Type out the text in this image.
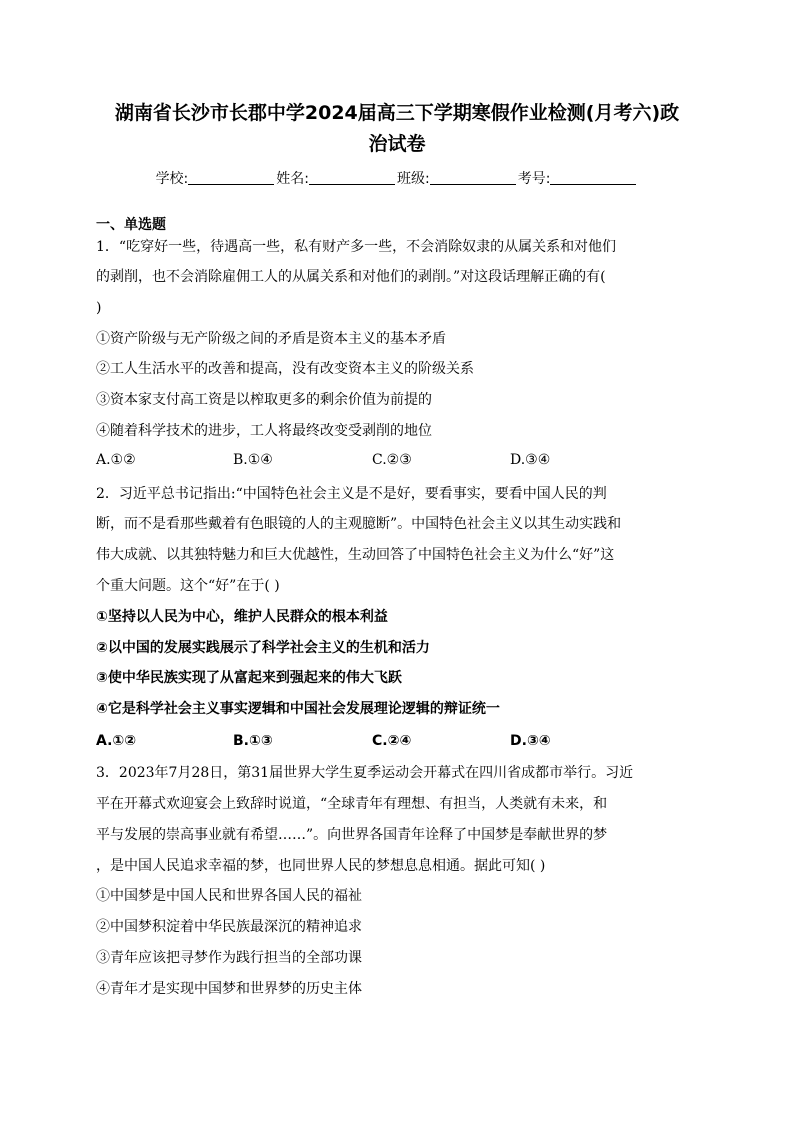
湖南省长沙市长郡中学2024届高三下学期寒假作业检测(月考六)政
治试卷
学校:	姓名:	班级:	考号:
一、单选题
1．“吃穿好一些，待遇高一些，私有财产多一些，不会消除奴隶的从属关系和对他们
的剥削，也不会消除雇佣工人的从属关系和对他们的剥削。”对这段话理解正确的有(
)
①资产阶级与无产阶级之间的矛盾是资本主义的基本矛盾
②工人生活水平的改善和提高，没有改变资本主义的阶级关系
③资本家支付高工资是以榨取更多的剩余价值为前提的
④随着科学技术的进步，工人将最终改变受剥削的地位
A.①②	B.①④	C.②③	D.③④
2．习近平总书记指出:“中国特色社会主义是不是好，要看事实，要看中国人民的判
断，而不是看那些戴着有色眼镜的人的主观臆断”。中国特色社会主义以其生动实践和
伟大成就、以其独特魅力和巨大优越性，生动回答了中国特色社会主义为什么“好”这
个重大问题。这个“好”在于( )
①坚持以人民为中心，维护人民群众的根本利益
②以中国的发展实践展示了科学社会主义的生机和活力
③使中华民族实现了从富起来到强起来的伟大飞跃
④它是科学社会主义事实逻辑和中国社会发展理论逻辑的辩证统一
A.①②	B.①③	C.②④	D.③④
3．2023年7月28日，第31届世界大学生夏季运动会开幕式在四川省成都市举行。习近
平在开幕式欢迎宴会上致辞时说道，“全球青年有理想、有担当，人类就有未来，和
平与发展的崇高事业就有希望……”。向世界各国青年诠释了中国梦是奉献世界的梦
，是中国人民追求幸福的梦，也同世界人民的梦想息息相通。据此可知( )
①中国梦是中国人民和世界各国人民的福祉
②中国梦积淀着中华民族最深沉的精神追求
③青年应该把寻梦作为践行担当的全部功课
④青年才是实现中国梦和世界梦的历史主体
